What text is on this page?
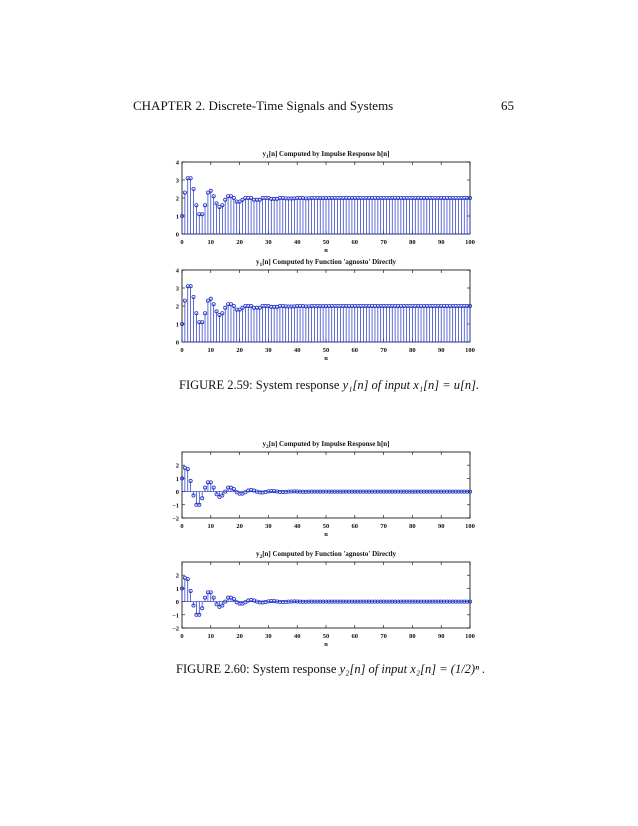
CHAPTER 2. Discrete-Time Signals and Systems	65
$y_1[n]$ Computed by Impulse Response h[n]
0	10	20	30	40	50	60	70	80	90	100
0
1
2
3
4
n
$y_1[n]$ Computed by Function 'agnosto' Directly
0	10	20	30	40	50	60	70	80	90	100
0
1
2
3
4
n
$y_2[n]$ Computed by Impulse Response h[n]
0	10	20	30	40	50	60	70	80	90	100
−2
−1
0
1
2
n
$y_2[n]$ Computed by Function 'agnosto' Directly
0	10	20	30	40	50	60	70	80	90	100
−2
−1
0
1
2
n
FIGURE 2.59: System response y₁[n] of input x₁[n] = u[n].
FIGURE 2.60: System response y₂[n] of input x₂[n] = (1/2)ⁿ .
